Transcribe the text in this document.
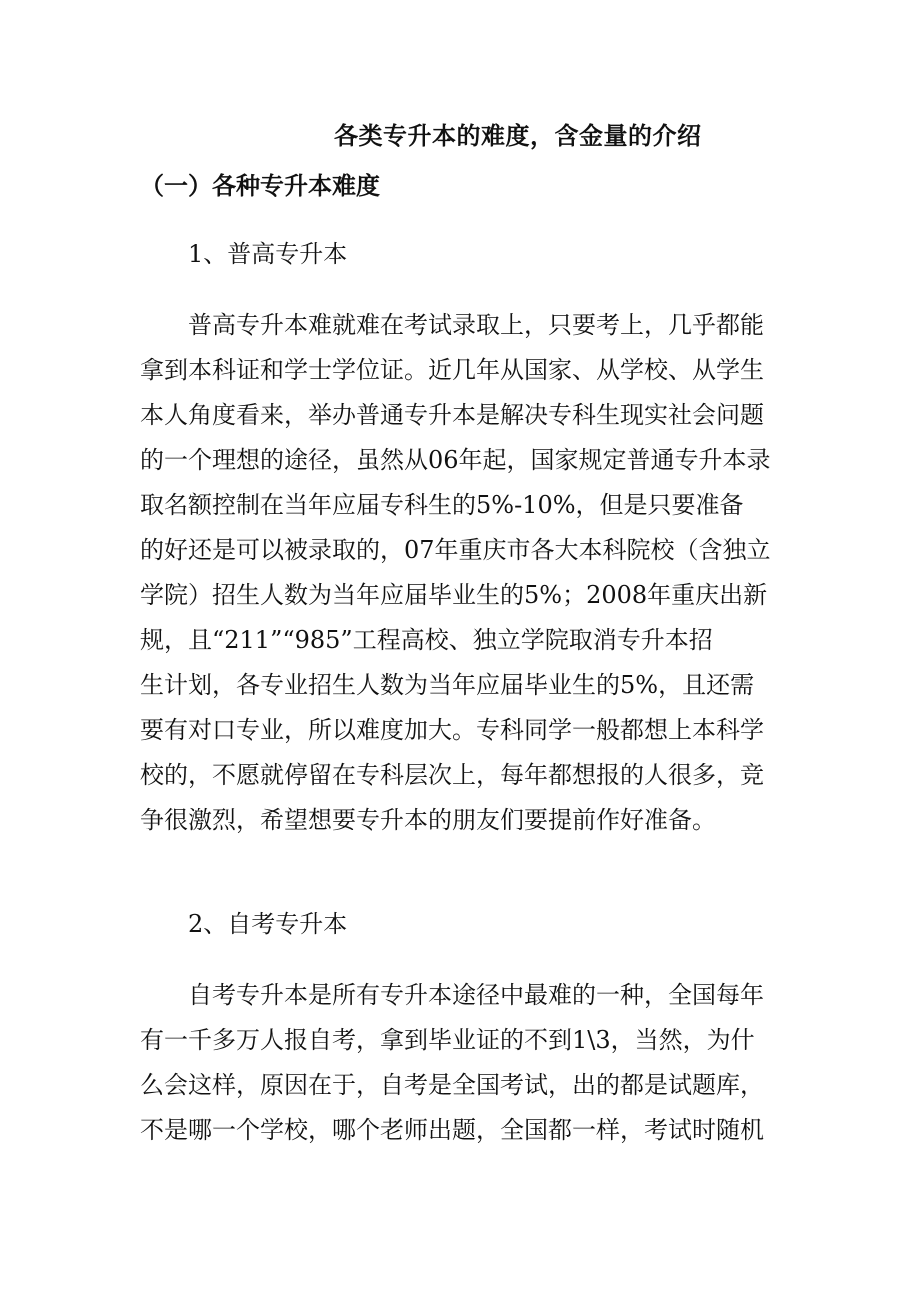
各类专升本的难度，含金量的介绍
（一）各种专升本难度
1、普高专升本
普高专升本难就难在考试录取上，只要考上，几乎都能
拿到本科证和学士学位证。近几年从国家、从学校、从学生
本人角度看来，举办普通专升本是解决专科生现实社会问题
的一个理想的途径，虽然从06年起，国家规定普通专升本录
取名额控制在当年应届专科生的5%-10%，但是只要准备
的好还是可以被录取的，07年重庆市各大本科院校（含独立
学院）招生人数为当年应届毕业生的5%；2008年重庆出新
规，且“211”“985”工程高校、独立学院取消专升本招
生计划，各专业招生人数为当年应届毕业生的5%，且还需
要有对口专业，所以难度加大。专科同学一般都想上本科学
校的，不愿就停留在专科层次上，每年都想报的人很多，竞
争很激烈，希望想要专升本的朋友们要提前作好准备。
2、自考专升本
自考专升本是所有专升本途径中最难的一种，全国每年
有一千多万人报自考，拿到毕业证的不到1\3，当然，为什
么会这样，原因在于，自考是全国考试，出的都是试题库，
不是哪一个学校，哪个老师出题，全国都一样，考试时随机
